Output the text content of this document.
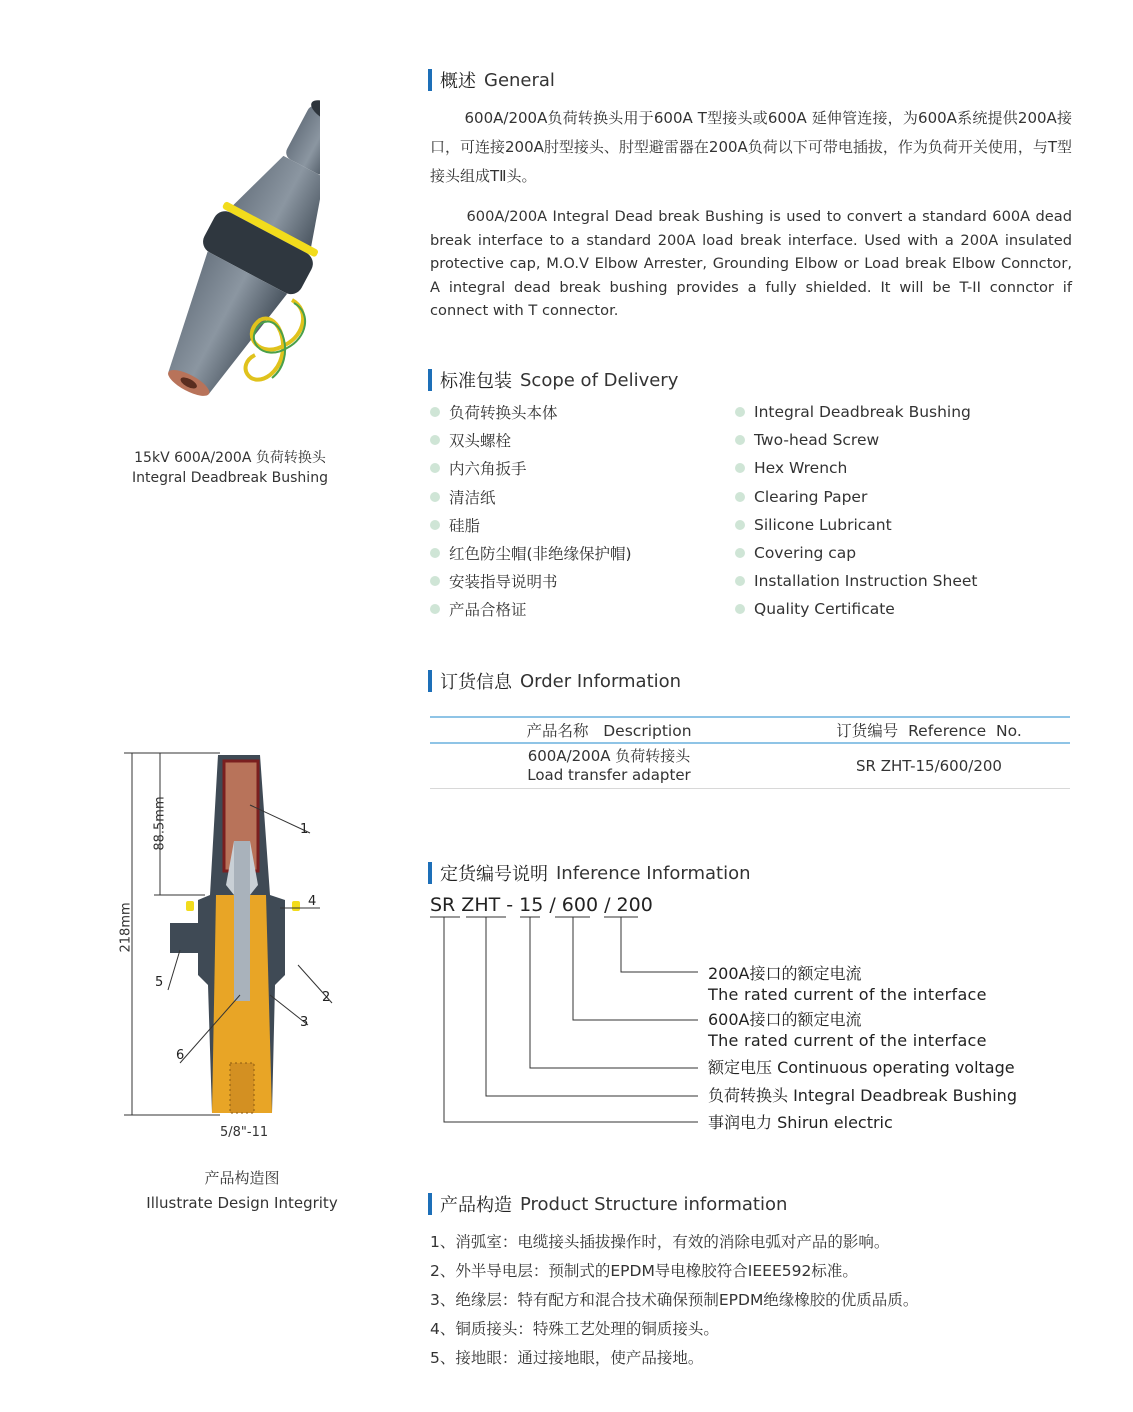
15kV 600A/200A 负荷转换头
Integral Deadbreak Bushing
概述 General
600A/200A负荷转换头用于600A T型接头或600A 延伸管连接，为600A系统提供200A接口，可连接200A肘型接头、肘型避雷器在200A负荷以下可带电插拔，作为负荷开关使用，与T型接头组成TⅡ头。
600A/200A Integral Dead break Bushing is used to convert a standard 600A dead break interface to a standard 200A load break interface. Used with a 200A insulated protective cap, M.O.V Elbow Arrester, Grounding Elbow or Load break Elbow Connctor, A integral dead break bushing provides a fully shielded. It will be T-II connctor if connect with T connector.
标准包装 Scope of Delivery
负荷转换头本体
双头螺栓
内六角扳手
清洁纸
硅脂
红色防尘帽(非绝缘保护帽)
安装指导说明书
产品合格证
Integral Deadbreak Bushing
Two-head Screw
Hex Wrench
Clearing Paper
Silicone Lubricant
Covering cap
Installation Instruction Sheet
Quality Certificate
订货信息 Order Information
产品名称   Description	订货编号  Reference  No.
600A/200A 负荷转接头
Load transfer adapter
SR ZHT-15/600/200
1
4
2
3
5
6
218mm
88.5mm
5/8"-11
产品构造图
Illustrate Design Integrity
定货编号说明 Inference Information
SR ZHT - 15 / 600 / 200
200A接口的额定电流
The rated current of the interface
600A接口的额定电流
The rated current of the interface
额定电压 Continuous operating voltage
负荷转换头 Integral Deadbreak Bushing
事润电力 Shirun electric
产品构造 Product Structure information
1、消弧室：电缆接头插拔操作时，有效的消除电弧对产品的影响。
2、外半导电层：预制式的EPDM导电橡胶符合IEEE592标准。
3、绝缘层：特有配方和混合技术确保预制EPDM绝缘橡胶的优质品质。
4、铜质接头：特殊工艺处理的铜质接头。
5、接地眼：通过接地眼，使产品接地。
